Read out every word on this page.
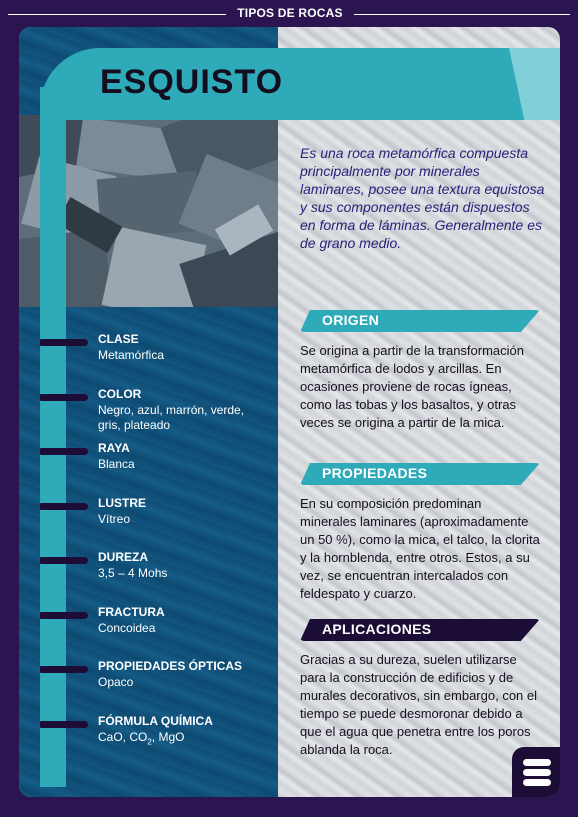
TIPOS DE ROCAS
ESQUISTO
Es una roca metamórfica compuesta principalmente por minerales laminares, posee una textura equistosa y sus componentes están dispuestos en forma de láminas. Generalmente es de grano medio.
CLASE
Metamórfica
COLOR
Negro, azul, marrón, verde, gris, plateado
RAYA
Blanca
LUSTRE
Vítreo
DUREZA
3,5 – 4 Mohs
FRACTURA
Concoidea
PROPIEDADES ÓPTICAS
Opaco
FÓRMULA QUÍMICA
CaO, $CO_2$, MgO
ORIGEN
Se origina a partir de la transformación metamórfica de lodos y arcillas. En ocasiones proviene de rocas ígneas, como las tobas y los basaltos, y otras veces se origina a partir de la mica.
PROPIEDADES
En su composición predominan minerales laminares (aproximadamente un 50 %), como la mica, el talco, la clorita y la hornblenda, entre otros. Estos, a su vez, se encuentran intercalados con feldespato y cuarzo.
APLICACIONES
Gracias a su dureza, suelen utilizarse para la construcción de edificios y de murales decorativos, sin embargo, con el tiempo se puede desmoronar debido a que el agua que penetra entre los poros ablanda la roca.
